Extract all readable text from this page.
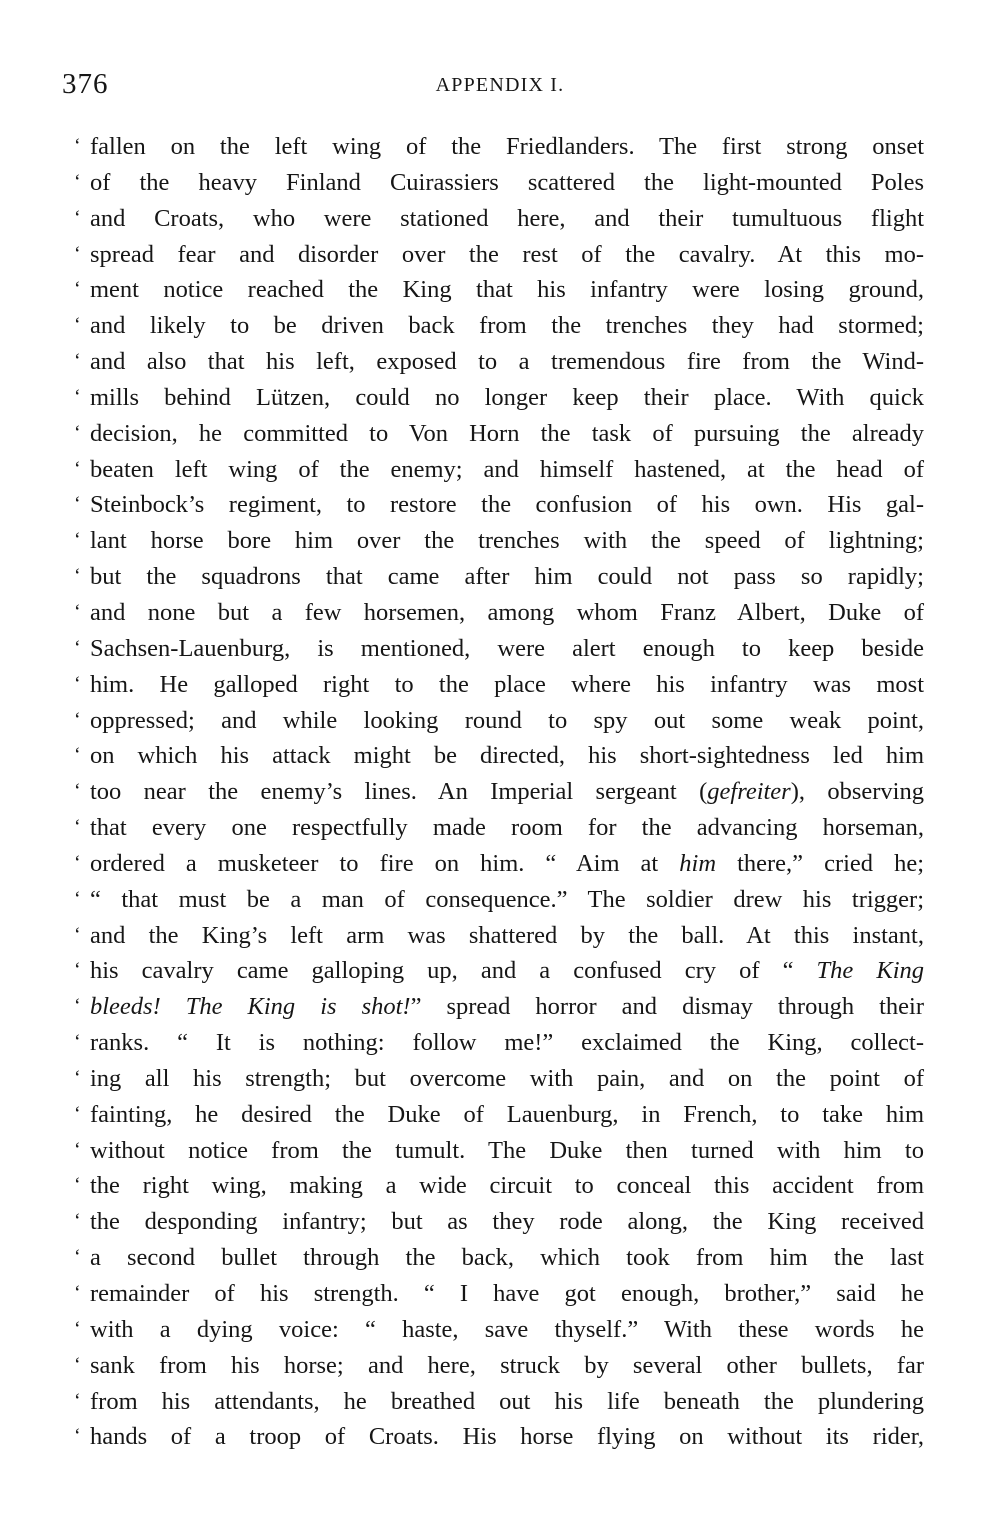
376	APPENDIX I.
‘ fallen on the left wing of the Friedlanders. The first strong onset
‘ of the heavy Finland Cuirassiers scattered the light-mounted Poles
‘ and Croats, who were stationed here, and their tumultuous flight
‘ spread fear and disorder over the rest of the cavalry. At this mo-
‘ ment notice reached the King that his infantry were losing ground,
‘ and likely to be driven back from the trenches they had stormed;
‘ and also that his left, exposed to a tremendous fire from the Wind-
‘ mills behind Lützen, could no longer keep their place. With quick
‘ decision, he committed to Von Horn the task of pursuing the already
‘ beaten left wing of the enemy; and himself hastened, at the head of
‘ Steinbock’s regiment, to restore the confusion of his own. His gal-
‘ lant horse bore him over the trenches with the speed of lightning;
‘ but the squadrons that came after him could not pass so rapidly;
‘ and none but a few horsemen, among whom Franz Albert, Duke of
‘ Sachsen-Lauenburg, is mentioned, were alert enough to keep beside
‘ him. He galloped right to the place where his infantry was most
‘ oppressed; and while looking round to spy out some weak point,
‘ on which his attack might be directed, his short-sightedness led him
‘ too near the enemy’s lines. An Imperial sergeant (gefreiter), observing
‘ that every one respectfully made room for the advancing horseman,
‘ ordered a musketeer to fire on him. “ Aim at him there,” cried he;
‘ “ that must be a man of consequence.” The soldier drew his trigger;
‘ and the King’s left arm was shattered by the ball. At this instant,
‘ his cavalry came galloping up, and a confused cry of “ The King
‘ bleeds! The King is shot!” spread horror and dismay through their
‘ ranks. “ It is nothing: follow me!” exclaimed the King, collect-
‘ ing all his strength; but overcome with pain, and on the point of
‘ fainting, he desired the Duke of Lauenburg, in French, to take him
‘ without notice from the tumult. The Duke then turned with him to
‘ the right wing, making a wide circuit to conceal this accident from
‘ the desponding infantry; but as they rode along, the King received
‘ a second bullet through the back, which took from him the last
‘ remainder of his strength. “ I have got enough, brother,” said he
‘ with a dying voice: “ haste, save thyself.” With these words he
‘ sank from his horse; and here, struck by several other bullets, far
‘ from his attendants, he breathed out his life beneath the plundering
‘ hands of a troop of Croats. His horse flying on without its rider,
